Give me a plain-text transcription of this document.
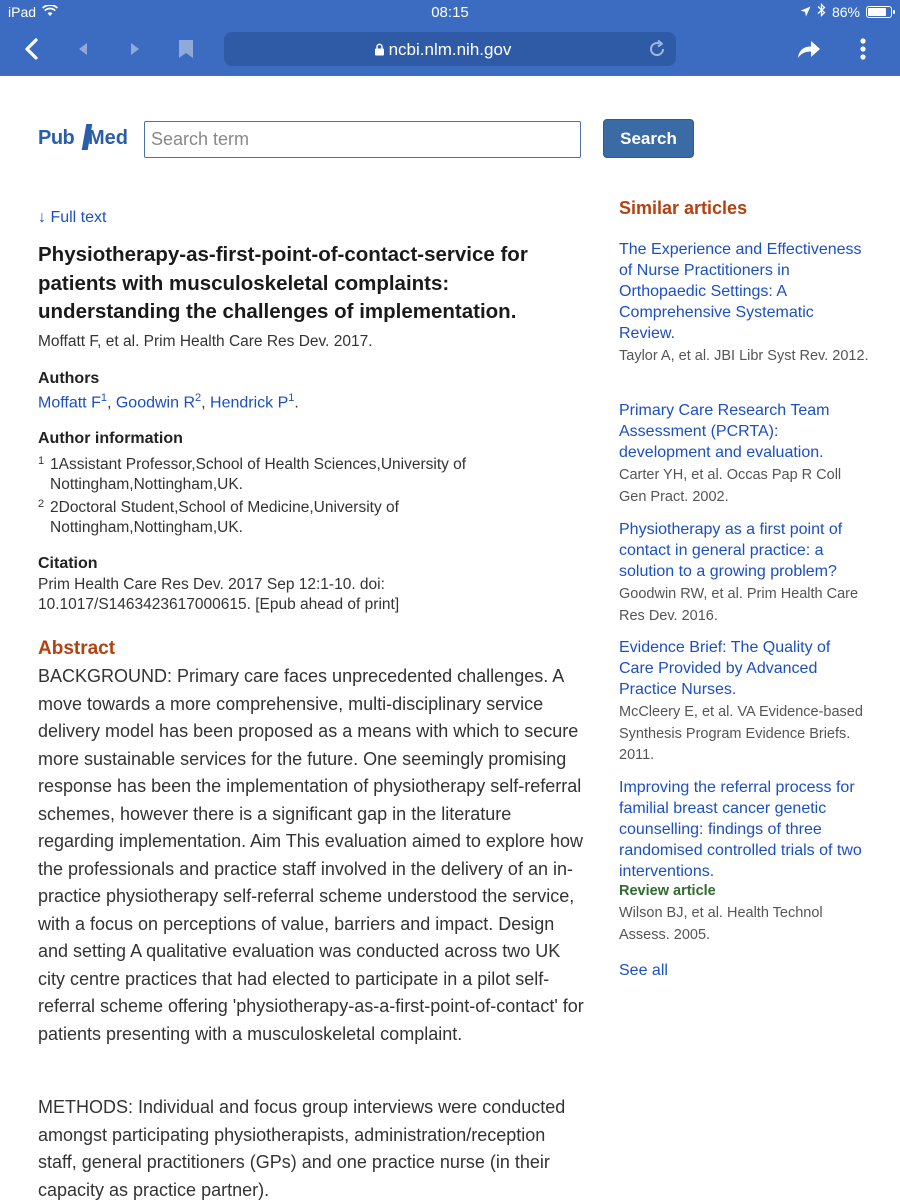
iPad	08:15	86%
ncbi.nlm.nih.gov
Pub Med
Search term	Search
↓ Full text
Physiotherapy-as-first-point-of-contact-service for patients with musculoskeletal complaints: understanding the challenges of implementation.
Moffatt F, et al. Prim Health Care Res Dev. 2017.
Authors
Moffatt $F^1$, Goodwin $R^2$, Hendrick $P^1$.
Author information
1 1Assistant Professor,School of Health Sciences,University of Nottingham,Nottingham,UK.
2 2Doctoral Student,School of Medicine,University of Nottingham,Nottingham,UK.
Citation
Prim Health Care Res Dev. 2017 Sep 12:1-10. doi: 10.1017/S1463423617000615. [Epub ahead of print]
Abstract

BACKGROUND: Primary care faces unprecedented challenges. A move towards a more comprehensive, multi-disciplinary service delivery model has been proposed as a means with which to secure more sustainable services for the future. One seemingly promising response has been the implementation of physiotherapy self-referral schemes, however there is a significant gap in the literature regarding implementation. Aim This evaluation aimed to explore how the professionals and practice staff involved in the delivery of an in-practice physiotherapy self-referral scheme understood the service, with a focus on perceptions of value, barriers and impact. Design and setting A qualitative evaluation was conducted across two UK city centre practices that had elected to participate in a pilot self-referral scheme offering 'physiotherapy-as-a-first-point-of-contact' for patients presenting with a musculoskeletal complaint.

METHODS: Individual and focus group interviews were conducted amongst participating physiotherapists, administration/reception staff, general practitioners (GPs) and one practice nurse (in their capacity as practice partner).

Similar articles
The Experience and Effectiveness of Nurse Practitioners in Orthopaedic Settings: A Comprehensive Systematic Review.
Taylor A, et al. JBI Libr Syst Rev. 2012.
Primary Care Research Team Assessment (PCRTA): development and evaluation.
Carter YH, et al. Occas Pap R Coll Gen Pract. 2002.
Physiotherapy as a first point of contact in general practice: a solution to a growing problem?
Goodwin RW, et al. Prim Health Care Res Dev. 2016.
Evidence Brief: The Quality of Care Provided by Advanced Practice Nurses.
McCleery E, et al. VA Evidence-based Synthesis Program Evidence Briefs. 2011.
Improving the referral process for familial breast cancer genetic counselling: findings of three randomised controlled trials of two interventions.
Review article
Wilson BJ, et al. Health Technol Assess. 2005.
See all
